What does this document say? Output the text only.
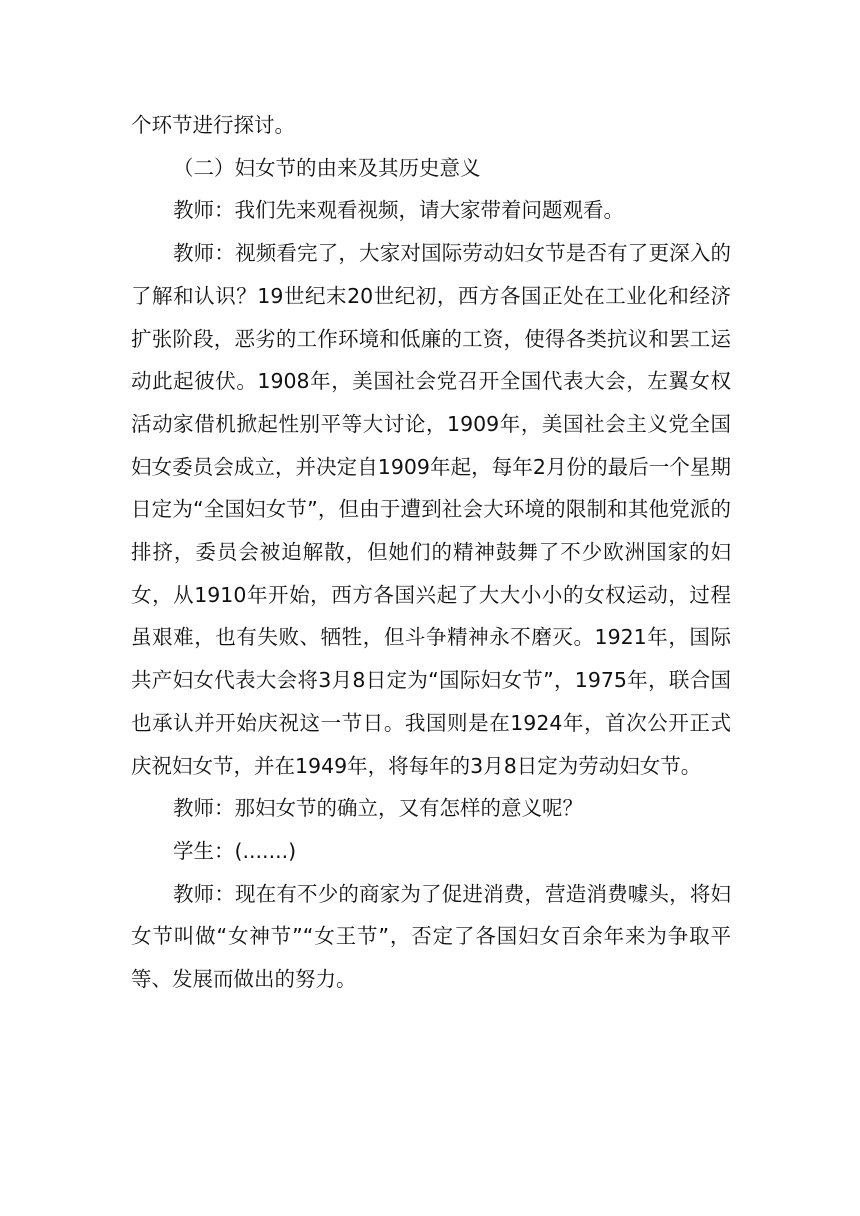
个环节进行探讨。

（二）妇女节的由来及其历史意义

教师：我们先来观看视频，请大家带着问题观看。

教师：视频看完了，大家对国际劳动妇女节是否有了更深入的了解和认识？19世纪末20世纪初，西方各国正处在工业化和经济扩张阶段，恶劣的工作环境和低廉的工资，使得各类抗议和罢工运动此起彼伏。1908年，美国社会党召开全国代表大会，左翼女权活动家借机掀起性别平等大讨论，1909年，美国社会主义党全国妇女委员会成立，并决定自1909年起，每年2月份的最后一个星期日定为“全国妇女节”，但由于遭到社会大环境的限制和其他党派的排挤，委员会被迫解散，但她们的精神鼓舞了不少欧洲国家的妇女，从1910年开始，西方各国兴起了大大小小的女权运动，过程虽艰难，也有失败、牺牲，但斗争精神永不磨灭。1921年，国际共产妇女代表大会将3月8日定为“国际妇女节”，1975年，联合国也承认并开始庆祝这一节日。我国则是在1924年，首次公开正式庆祝妇女节，并在1949年，将每年的3月8日定为劳动妇女节。

教师：那妇女节的确立，又有怎样的意义呢？

学生：(.......)

教师：现在有不少的商家为了促进消费，营造消费噱头，将妇女节叫做“女神节”“女王节”，否定了各国妇女百余年来为争取平等、发展而做出的努力。
